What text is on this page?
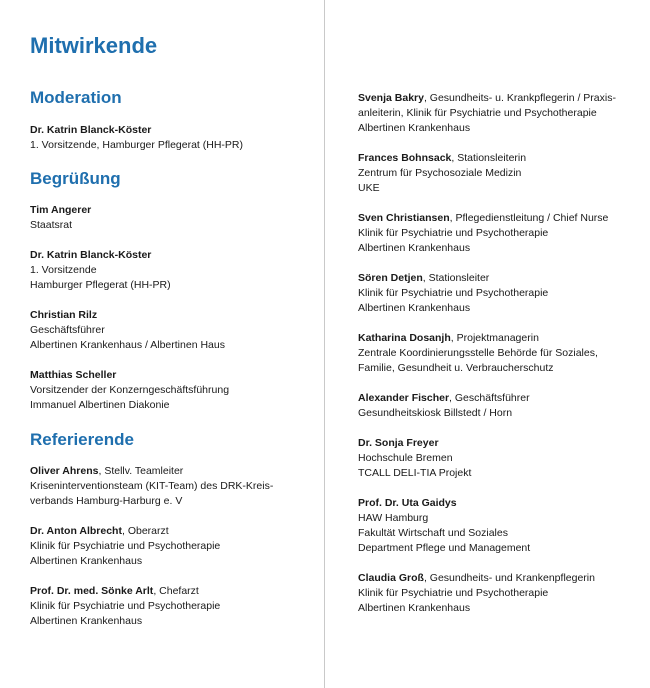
Mitwirkende
Moderation
Dr. Katrin Blanck-Köster
1. Vorsitzende, Hamburger Pflegerat (HH-PR)
Begrüßung
Tim Angerer
Staatsrat
Dr. Katrin Blanck-Köster
1. Vorsitzende
Hamburger Pflegerat (HH-PR)
Christian Rilz
Geschäftsführer
Albertinen Krankenhaus / Albertinen Haus
Matthias Scheller
Vorsitzender der Konzerngeschäftsführung
Immanuel Albertinen Diakonie
Referierende
Oliver Ahrens, Stellv. Teamleiter
Kriseninterventionsteam (KIT-Team) des DRK-Kreis-
verbands Hamburg-Harburg e. V
Dr. Anton Albrecht, Oberarzt
Klinik für Psychiatrie und Psychotherapie
Albertinen Krankenhaus
Prof. Dr. med. Sönke Arlt, Chefarzt
Klinik für Psychiatrie und Psychotherapie
Albertinen Krankenhaus
Svenja Bakry, Gesundheits- u. Krankpflegerin / Praxis-
anleiterin, Klinik für Psychiatrie und Psychotherapie
Albertinen Krankenhaus
Frances Bohnsack, Stationsleiterin
Zentrum für Psychosoziale Medizin
UKE
Sven Christiansen, Pflegedienstleitung / Chief Nurse
Klinik für Psychiatrie und Psychotherapie
Albertinen Krankenhaus
Sören Detjen, Stationsleiter
Klinik für Psychiatrie und Psychotherapie
Albertinen Krankenhaus
Katharina Dosanjh, Projektmanagerin
Zentrale Koordinierungsstelle Behörde für Soziales,
Familie, Gesundheit u. Verbraucherschutz
Alexander Fischer, Geschäftsführer
Gesundheitskiosk Billstedt / Horn
Dr. Sonja Freyer
Hochschule Bremen
TCALL DELI-TIA Projekt
Prof. Dr. Uta Gaidys
HAW Hamburg
Fakultät Wirtschaft und Soziales
Department Pflege und Management
Claudia Groß, Gesundheits- und Krankenpflegerin
Klinik für Psychiatrie und Psychotherapie
Albertinen Krankenhaus
